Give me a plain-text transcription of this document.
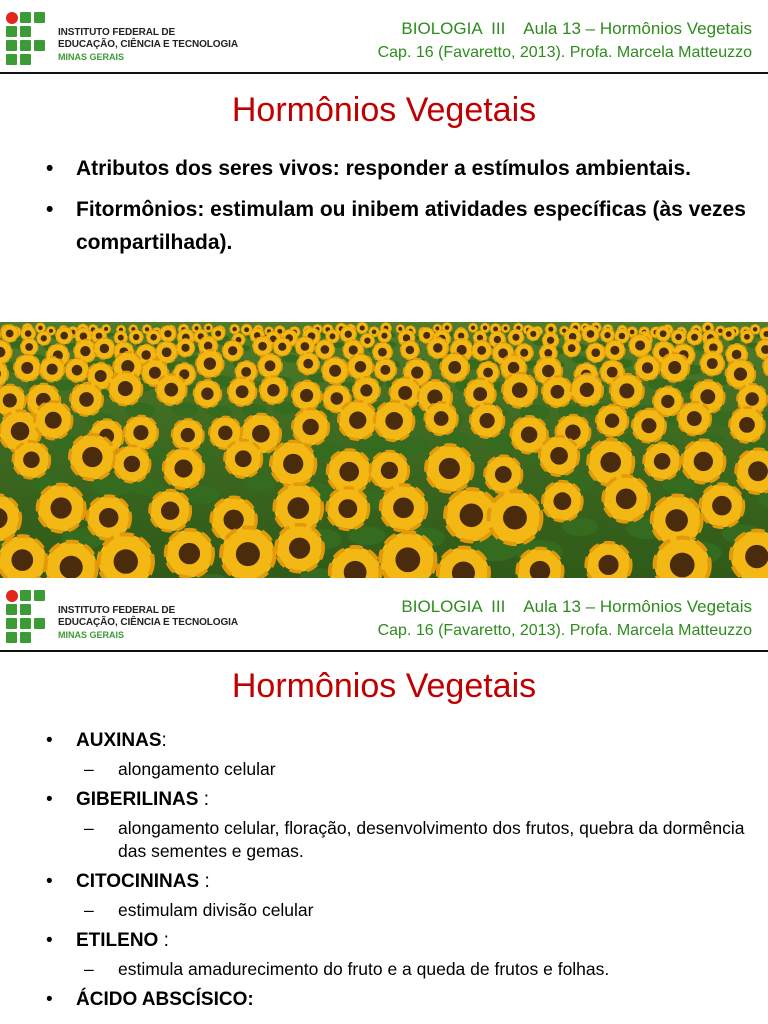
INSTITUTO FEDERAL DE
EDUCAÇÃO, CIÊNCIA E TECNOLOGIA
MINAS GERAIS
BIOLOGIA  III    Aula 13 – Hormônios Vegetais
Cap. 16 (Favaretto, 2013). Profa. Marcela Matteuzzo
Hormônios Vegetais
• Atributos dos seres vivos: responder a estímulos ambientais.
• Fitormônios: estimulam ou inibem atividades específicas (às vezes compartilhada).
INSTITUTO FEDERAL DE
EDUCAÇÃO, CIÊNCIA E TECNOLOGIA
MINAS GERAIS
BIOLOGIA  III    Aula 13 – Hormônios Vegetais
Cap. 16 (Favaretto, 2013). Profa. Marcela Matteuzzo
Hormônios Vegetais
• AUXINAS:
– alongamento celular
• GIBERILINAS :
– alongamento celular, floração, desenvolvimento dos frutos, quebra da dormência das sementes e gemas.
• CITOCININAS :
– estimulam divisão celular
• ETILENO :
– estimula amadurecimento do fruto e a queda de frutos e folhas.
• ÁCIDO ABSCÍSICO:
